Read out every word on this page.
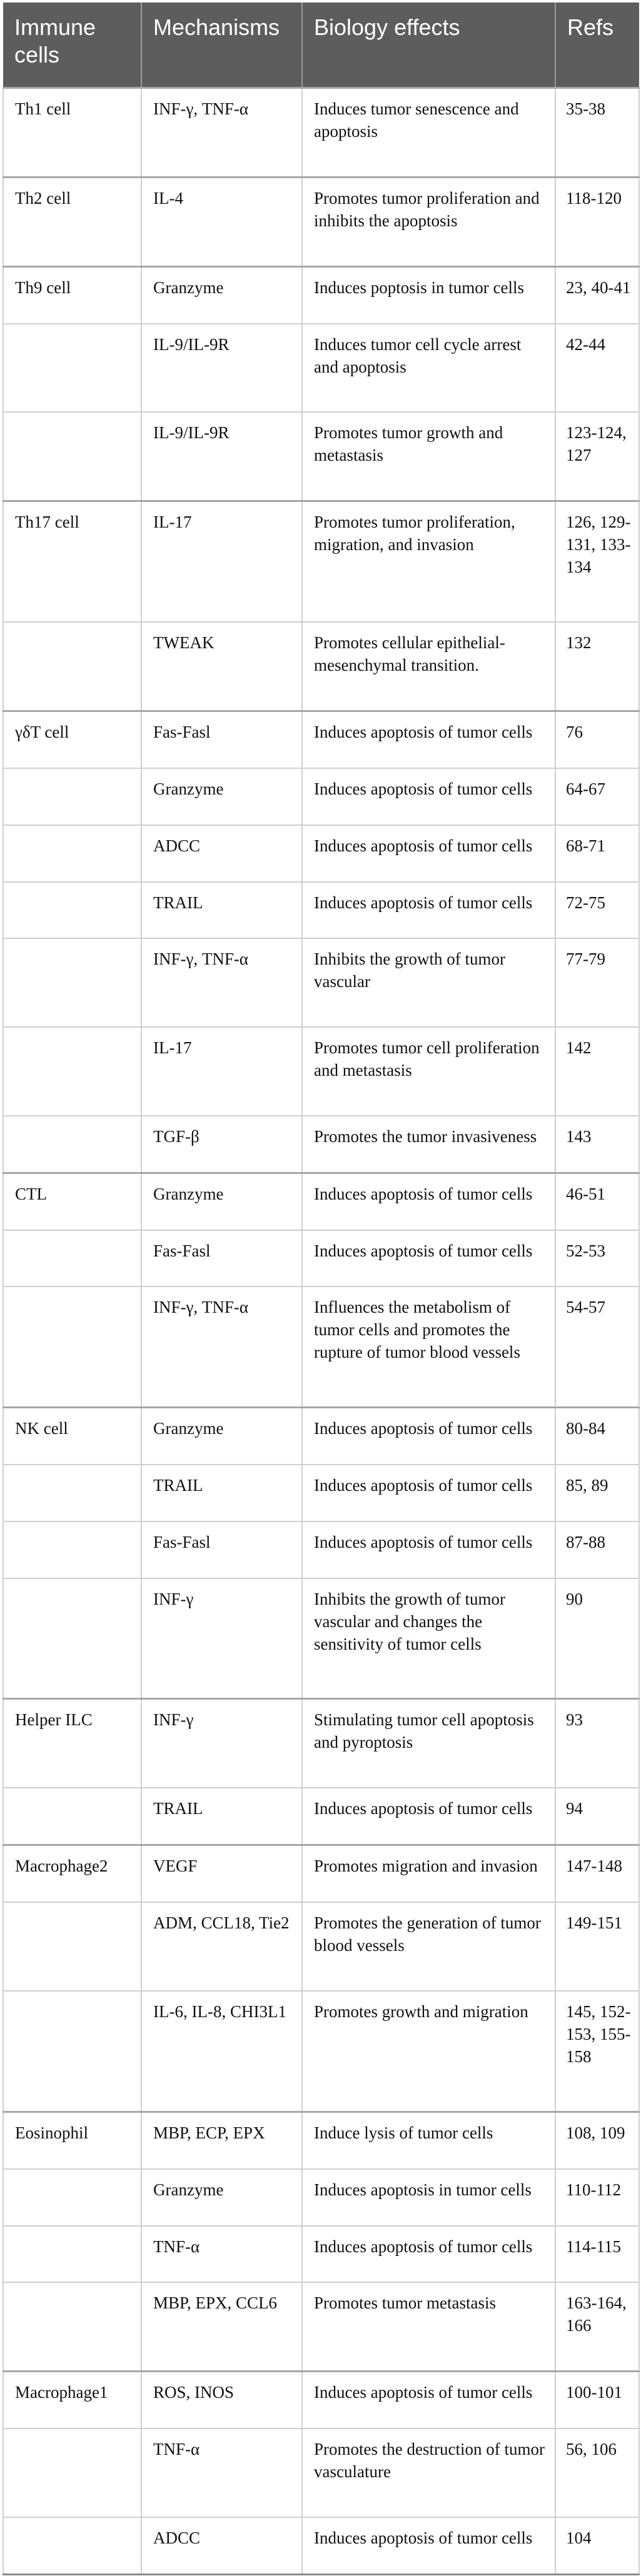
Immune cells	Mechanisms	Biology effects	Refs
Th1 cell	INF-γ, TNF-α	Induces tumor senescence and apoptosis	35-38
Th2 cell	IL-4	Promotes tumor proliferation and inhibits the apoptosis	118-120
Th9 cell	Granzyme	Induces poptosis in tumor cells	23, 40-41
	IL-9/IL-9R	Induces tumor cell cycle arrest and apoptosis	42-44
	IL-9/IL-9R	Promotes tumor growth and metastasis	123-124, 127
Th17 cell	IL-17	Promotes tumor proliferation, migration, and invasion	126, 129-131, 133-134
	TWEAK	Promotes cellular epithelial-mesenchymal transition.	132
γδT cell	Fas-Fasl	Induces apoptosis of tumor cells	76
	Granzyme	Induces apoptosis of tumor cells	64-67
	ADCC	Induces apoptosis of tumor cells	68-71
	TRAIL	Induces apoptosis of tumor cells	72-75
	INF-γ, TNF-α	Inhibits the growth of tumor vascular	77-79
	IL-17	Promotes tumor cell proliferation and metastasis	142
	TGF-β	Promotes the tumor invasiveness	143
CTL	Granzyme	Induces apoptosis of tumor cells	46-51
	Fas-Fasl	Induces apoptosis of tumor cells	52-53
	INF-γ, TNF-α	Influences the metabolism of tumor cells and promotes the rupture of tumor blood vessels	54-57
NK cell	Granzyme	Induces apoptosis of tumor cells	80-84
	TRAIL	Induces apoptosis of tumor cells	85, 89
	Fas-Fasl	Induces apoptosis of tumor cells	87-88
	INF-γ	Inhibits the growth of tumor vascular and changes the sensitivity of tumor cells	90
Helper ILC	INF-γ	Stimulating tumor cell apoptosis and pyroptosis	93
	TRAIL	Induces apoptosis of tumor cells	94
Macrophage2	VEGF	Promotes migration and invasion	147-148
	ADM, CCL18, Tie2	Promotes the generation of tumor blood vessels	149-151
	IL-6, IL-8, CHI3L1	Promotes growth and migration	145, 152-153, 155-158
Eosinophil	MBP, ECP, EPX	Induce lysis of tumor cells	108, 109
	Granzyme	Induces apoptosis in tumor cells	110-112
	TNF-α	Induces apoptosis of tumor cells	114-115
	MBP, EPX, CCL6	Promotes tumor metastasis	163-164, 166
Macrophage1	ROS, INOS	Induces apoptosis of tumor cells	100-101
	TNF-α	Promotes the destruction of tumor vasculature	56, 106
	ADCC	Induces apoptosis of tumor cells	104
